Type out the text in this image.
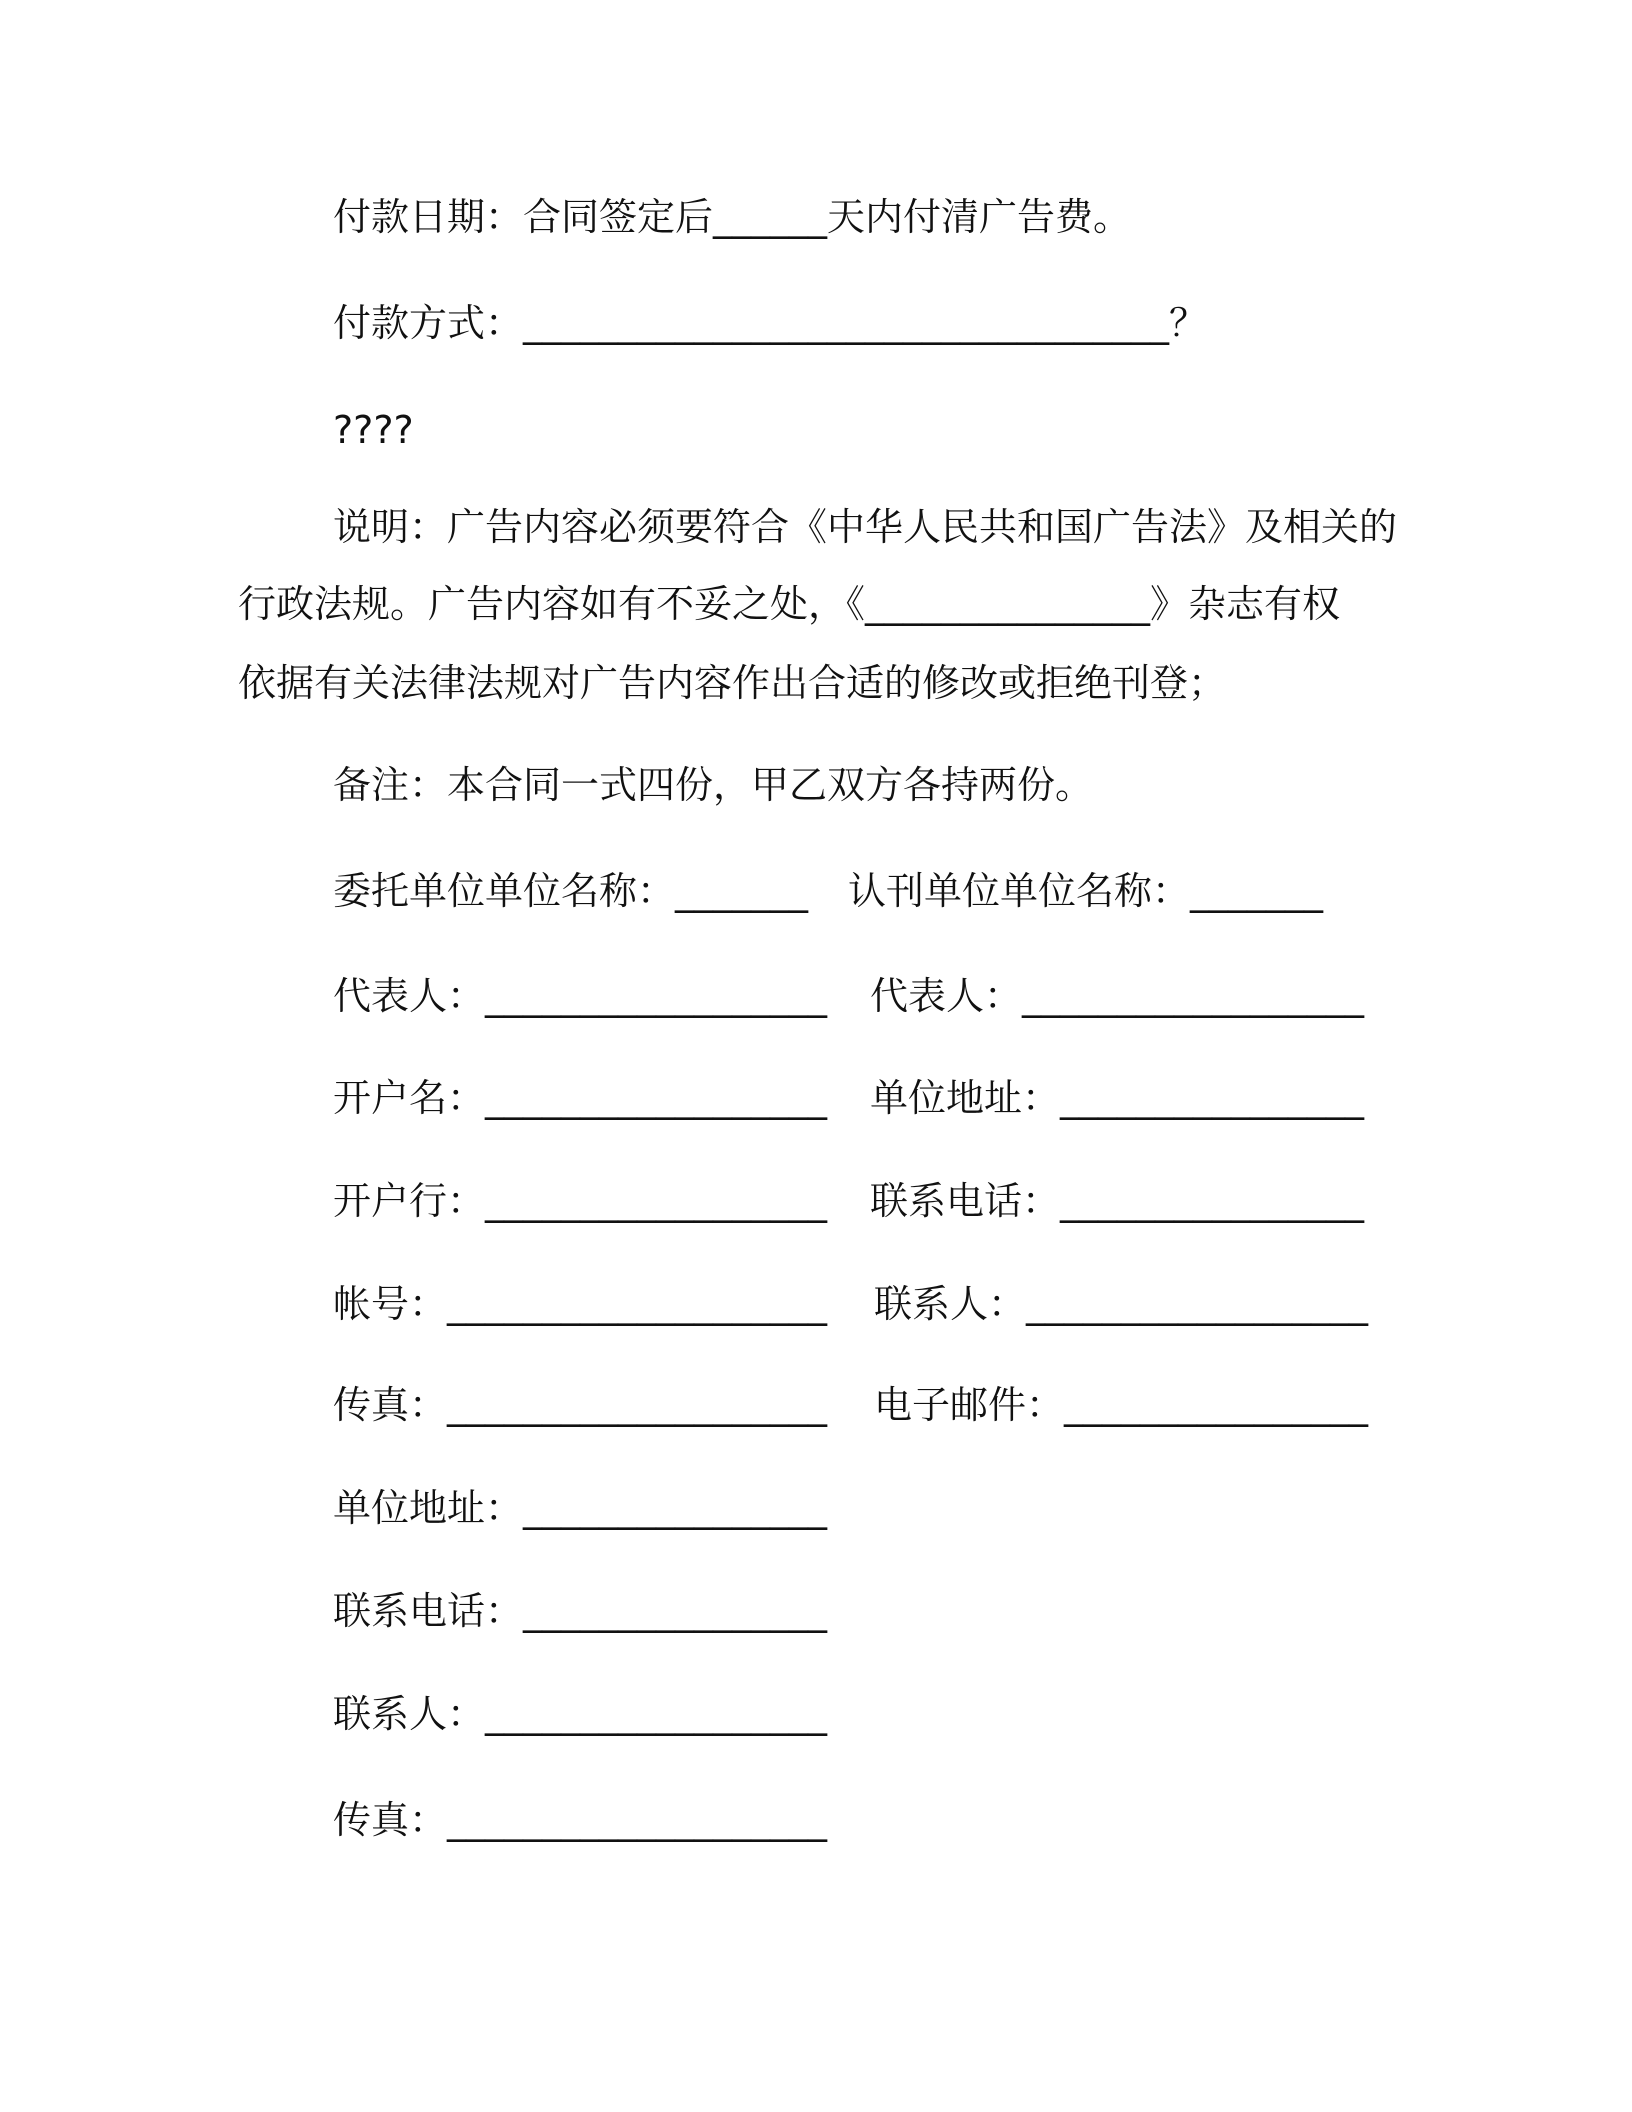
付款日期：合同签定后______天内付清广告费。
付款方式：__________________________________？
????
说明：广告内容必须要符合《中华人民共和国广告法》及相关的
行政法规。广告内容如有不妥之处，《_______________》杂志有权
依据有关法律法规对广告内容作出合适的修改或拒绝刊登；
备注：本合同一式四份，甲乙双方各持两份。
委托单位单位名称：_______ 认刊单位单位名称：_______
代表人：__________________ 代表人：__________________
开户名：__________________ 单位地址：________________
开户行：__________________ 联系电话：________________
帐号：____________________ 联系人：__________________
传真：____________________ 电子邮件：________________
单位地址：________________
联系电话：________________
联系人：__________________
传真：____________________
